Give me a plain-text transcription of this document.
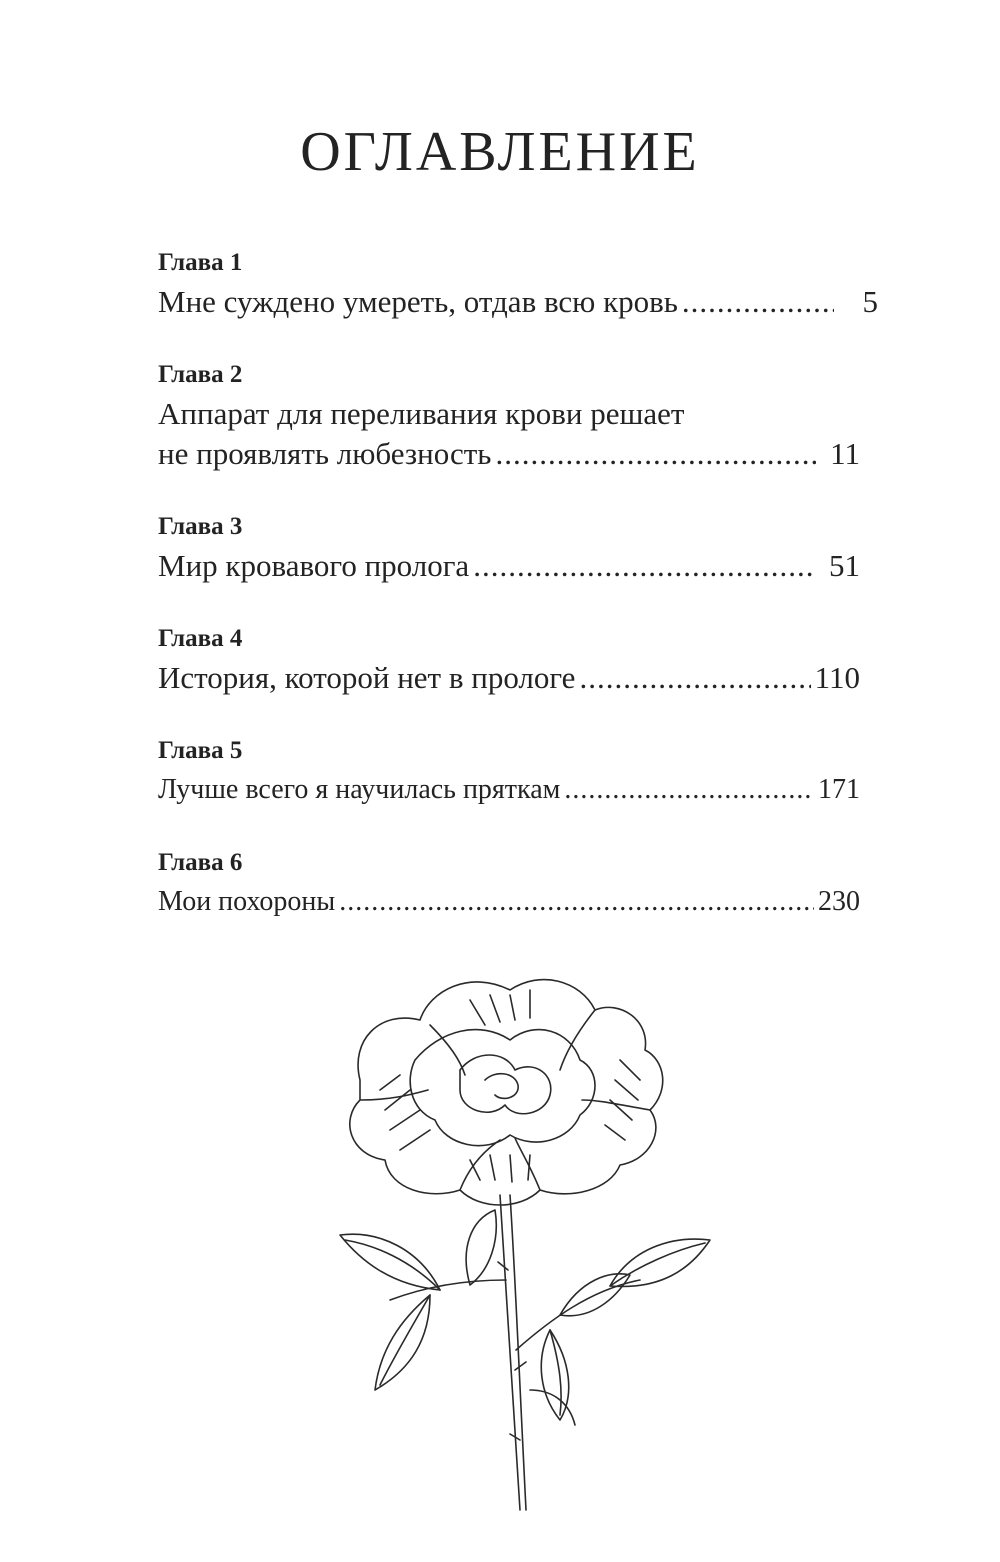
ОГЛАВЛЕНИЕ
Глава 1
Мне суждено умереть, отдав всю кровь .....	5
Глава 2
Аппарат для переливания крови решает
не проявлять любезность .....	11
Глава 3
Мир кровавого пролога .....	51
Глава 4
История, которой нет в прологе .....	110
Глава 5
Лучше всего я научилась пряткам .....	171
Глава 6
Мои похороны .....	230
